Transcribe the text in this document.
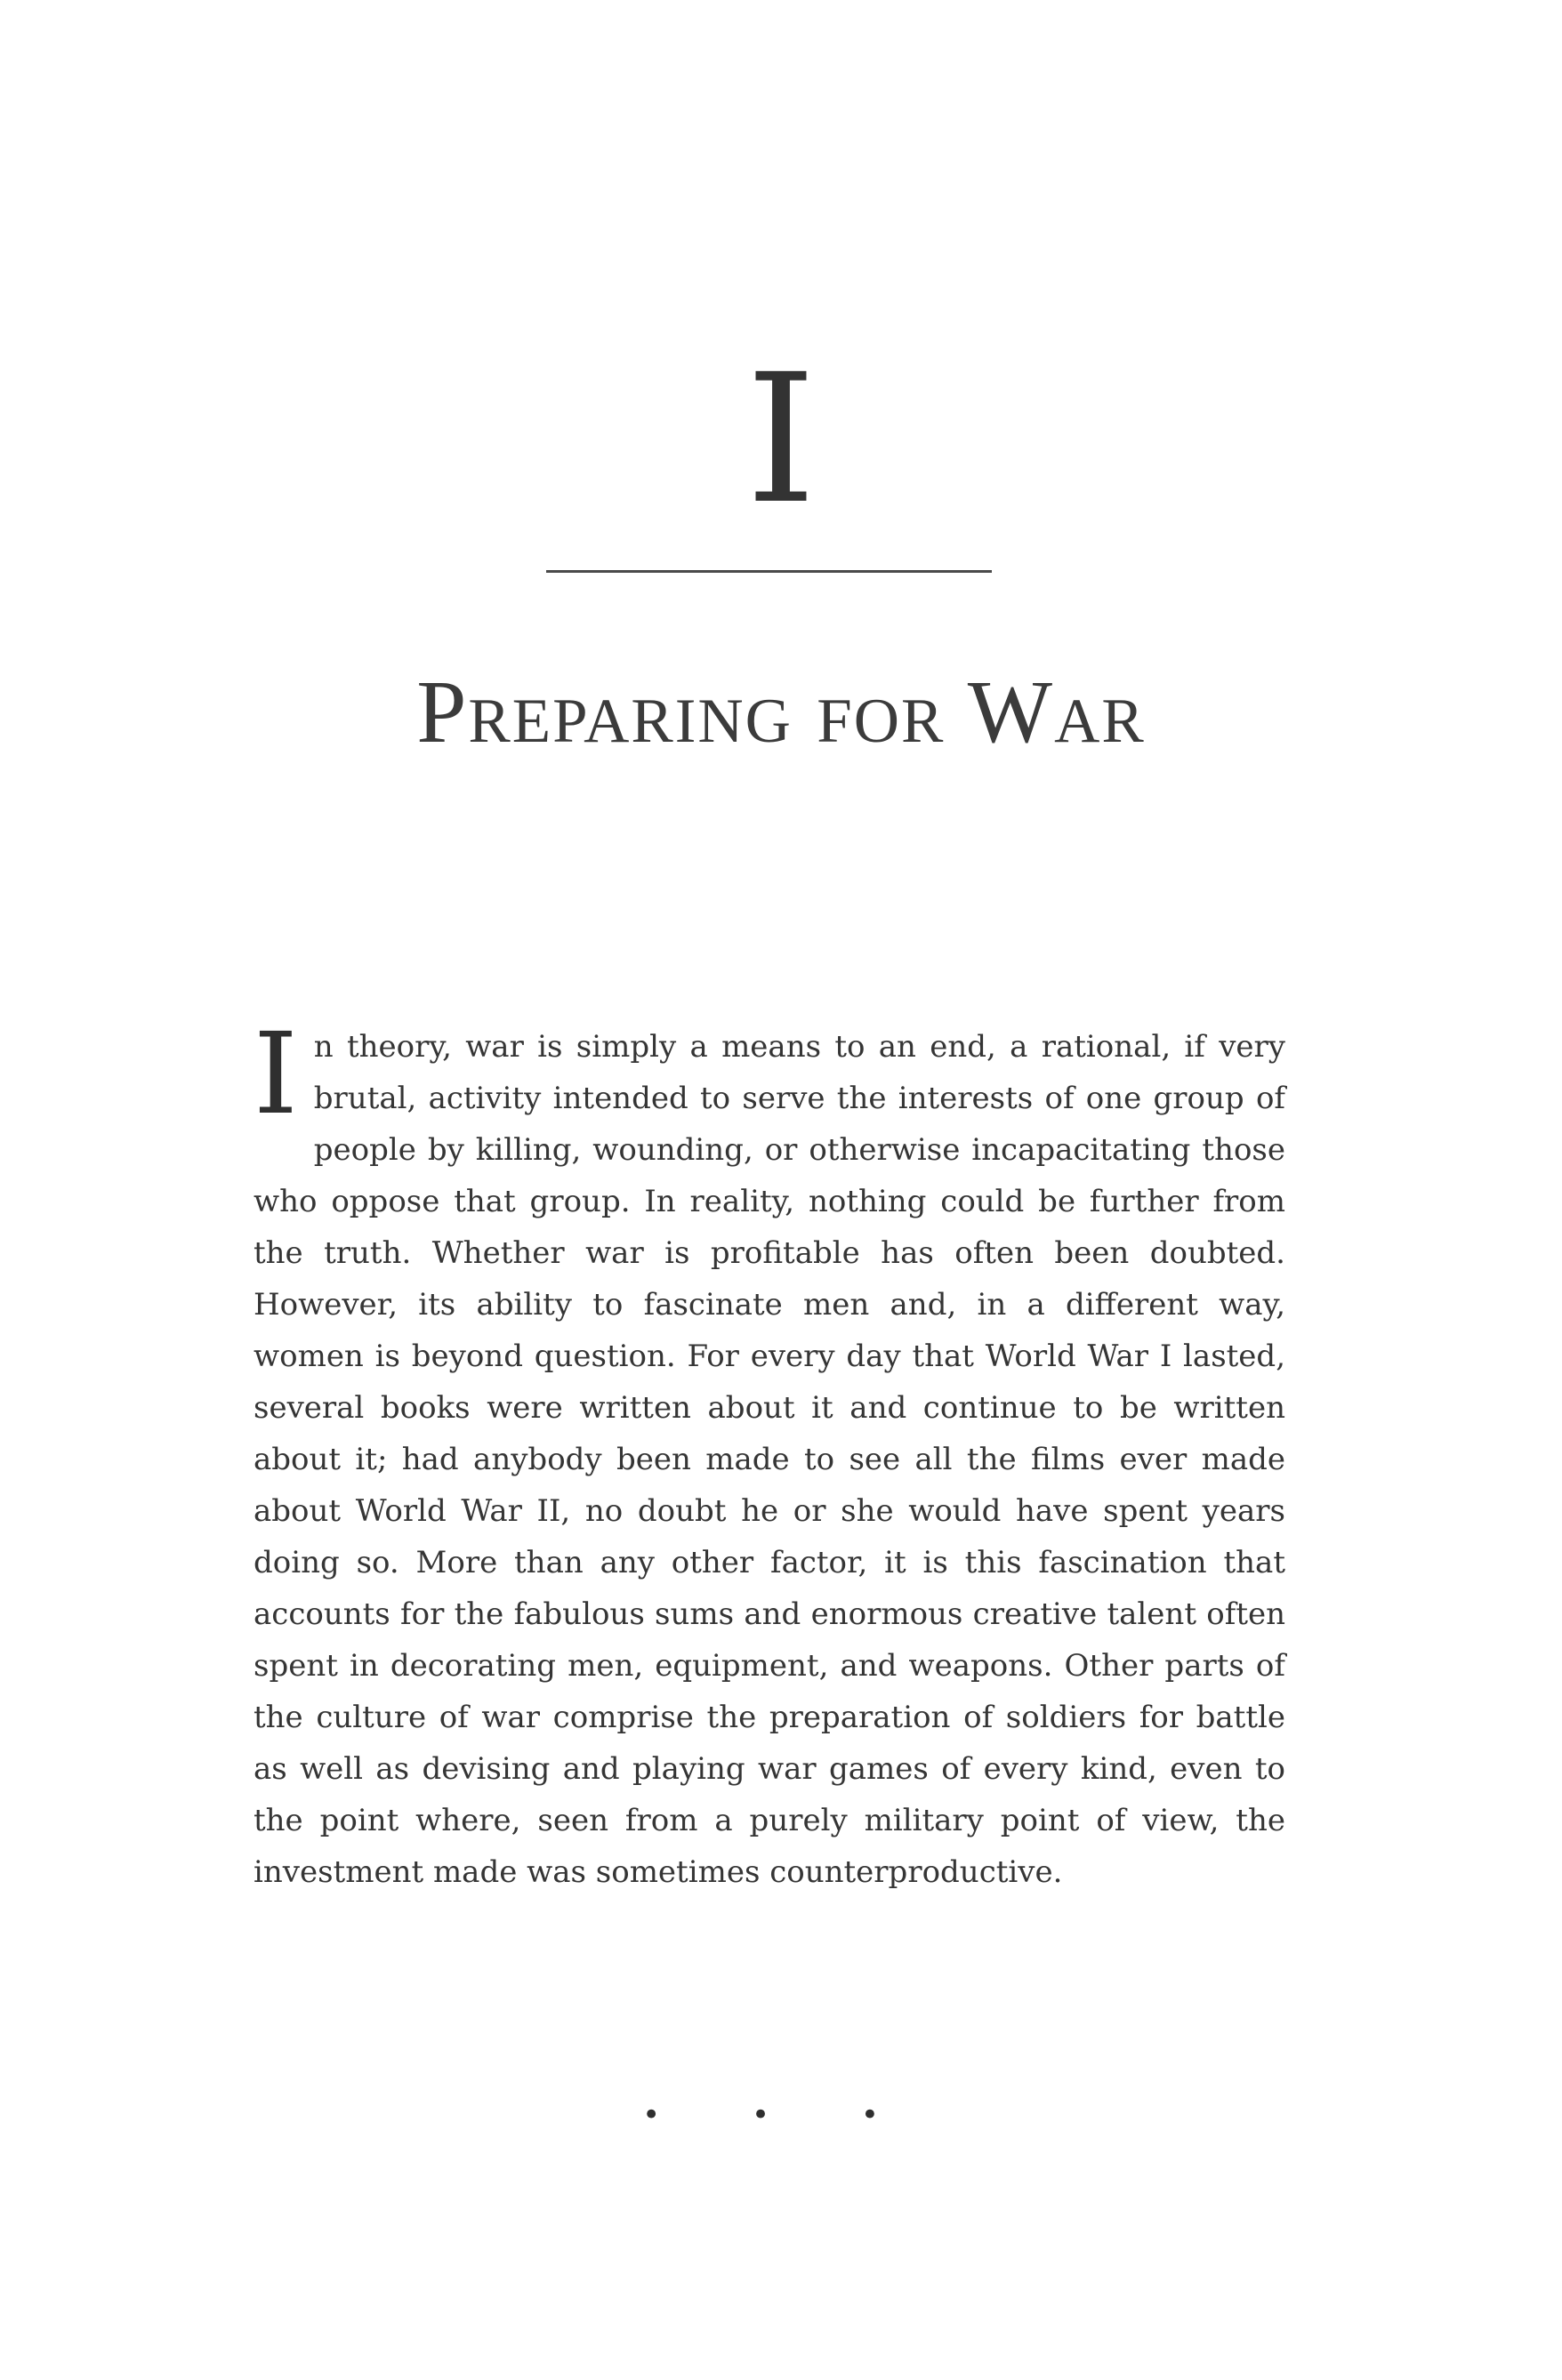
I
Preparing for War
In theory, war is simply a means to an end, a rational, if very brutal, activity intended to serve the interests of one group of people by killing, wounding, or otherwise incapacitating those who oppose that group. In reality, nothing could be further from the truth. Whether war is profitable has often been doubted. However, its ability to fascinate men and, in a different way, women is beyond question. For every day that World War I lasted, several books were written about it and continue to be written about it; had anybody been made to see all the films ever made about World War II, no doubt he or she would have spent years doing so. More than any other factor, it is this fascination that accounts for the fabulous sums and enormous creative talent often spent in decorating men, equipment, and weapons. Other parts of the culture of war comprise the preparation of soldiers for battle as well as devising and playing war games of every kind, even to the point where, seen from a purely military point of view, the investment made was sometimes counterproductive.
• • •
